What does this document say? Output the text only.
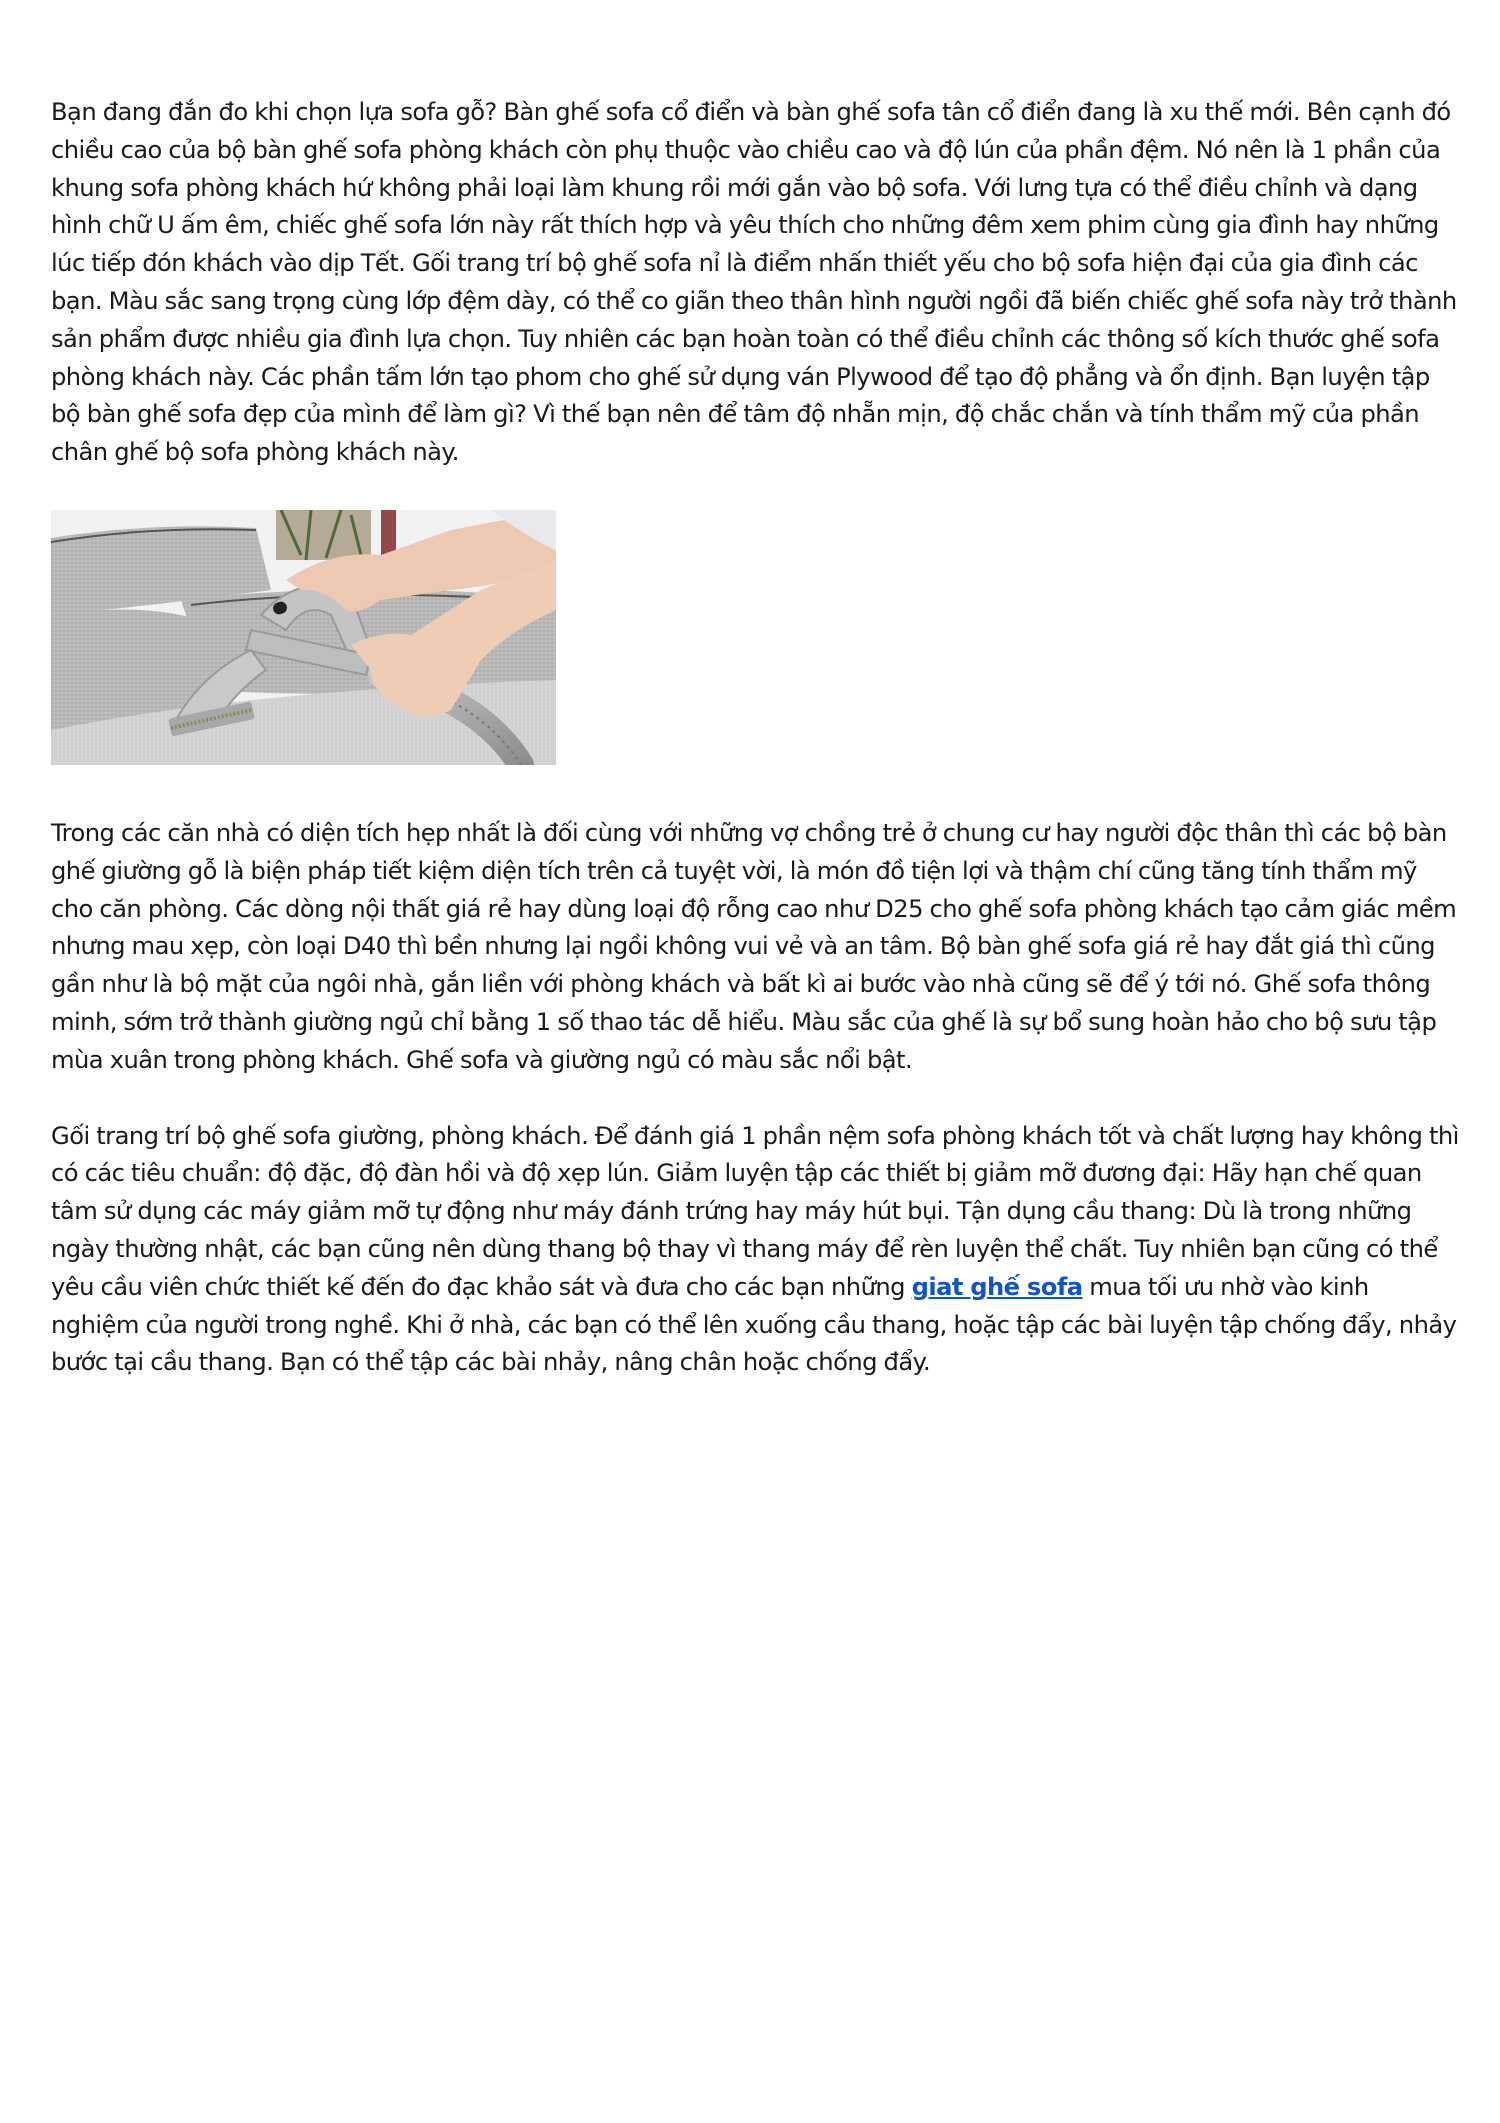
Bạn đang đắn đo khi chọn lựa sofa gỗ? Bàn ghế sofa cổ điển và bàn ghế sofa tân cổ điển đang là xu thế mới. Bên cạnh đó chiều cao của bộ bàn ghế sofa phòng khách còn phụ thuộc vào chiều cao và độ lún của phần đệm. Nó nên là 1 phần của khung sofa phòng khách hứ không phải loại làm khung rồi mới gắn vào bộ sofa. Với lưng tựa có thể điều chỉnh và dạng hình chữ U ấm êm, chiếc ghế sofa lớn này rất thích hợp và yêu thích cho những đêm xem phim cùng gia đình hay những lúc tiếp đón khách vào dịp Tết. Gối trang trí bộ ghế sofa nỉ là điểm nhấn thiết yếu cho bộ sofa hiện đại của gia đình các bạn. Màu sắc sang trọng cùng lớp đệm dày, có thể co giãn theo thân hình người ngồi đã biến chiếc ghế sofa này trở thành sản phẩm được nhiều gia đình lựa chọn. Tuy nhiên các bạn hoàn toàn có thể điều chỉnh các thông số kích thước ghế sofa phòng khách này. Các phần tấm lớn tạo phom cho ghế sử dụng ván Plywood để tạo độ phẳng và ổn định. Bạn luyện tập bộ bàn ghế sofa đẹp của mình để làm gì? Vì thế bạn nên để tâm độ nhẵn mịn, độ chắc chắn và tính thẩm mỹ của phần chân ghế bộ sofa phòng khách này.

Trong các căn nhà có diện tích hẹp nhất là đối cùng với những vợ chồng trẻ ở chung cư hay người độc thân thì các bộ bàn ghế giường gỗ là biện pháp tiết kiệm diện tích trên cả tuyệt vời, là món đồ tiện lợi và thậm chí cũng tăng tính thẩm mỹ cho căn phòng. Các dòng nội thất giá rẻ hay dùng loại độ rỗng cao như D25 cho ghế sofa phòng khách tạo cảm giác mềm nhưng mau xẹp, còn loại D40 thì bền nhưng lại ngồi không vui vẻ và an tâm. Bộ bàn ghế sofa giá rẻ hay đắt giá thì cũng gần như là bộ mặt của ngôi nhà, gắn liền với phòng khách và bất kì ai bước vào nhà cũng sẽ để ý tới nó. Ghế sofa thông minh, sớm trở thành giường ngủ chỉ bằng 1 số thao tác dễ hiểu. Màu sắc của ghế là sự bổ sung hoàn hảo cho bộ sưu tập mùa xuân trong phòng khách. Ghế sofa và giường ngủ có màu sắc nổi bật.

Gối trang trí bộ ghế sofa giường, phòng khách. Để đánh giá 1 phần nệm sofa phòng khách tốt và chất lượng hay không thì có các tiêu chuẩn: độ đặc, độ đàn hồi và độ xẹp lún. Giảm luyện tập các thiết bị giảm mỡ đương đại: Hãy hạn chế quan tâm sử dụng các máy giảm mỡ tự động như máy đánh trứng hay máy hút bụi. Tận dụng cầu thang: Dù là trong những ngày thường nhật, các bạn cũng nên dùng thang bộ thay vì thang máy để rèn luyện thể chất. Tuy nhiên bạn cũng có thể yêu cầu viên chức thiết kế đến đo đạc khảo sát và đưa cho các bạn những giat ghế sofa mua tối ưu nhờ vào kinh nghiệm của người trong nghề. Khi ở nhà, các bạn có thể lên xuống cầu thang, hoặc tập các bài luyện tập chống đẩy, nhảy bước tại cầu thang. Bạn có thể tập các bài nhảy, nâng chân hoặc chống đẩy.
